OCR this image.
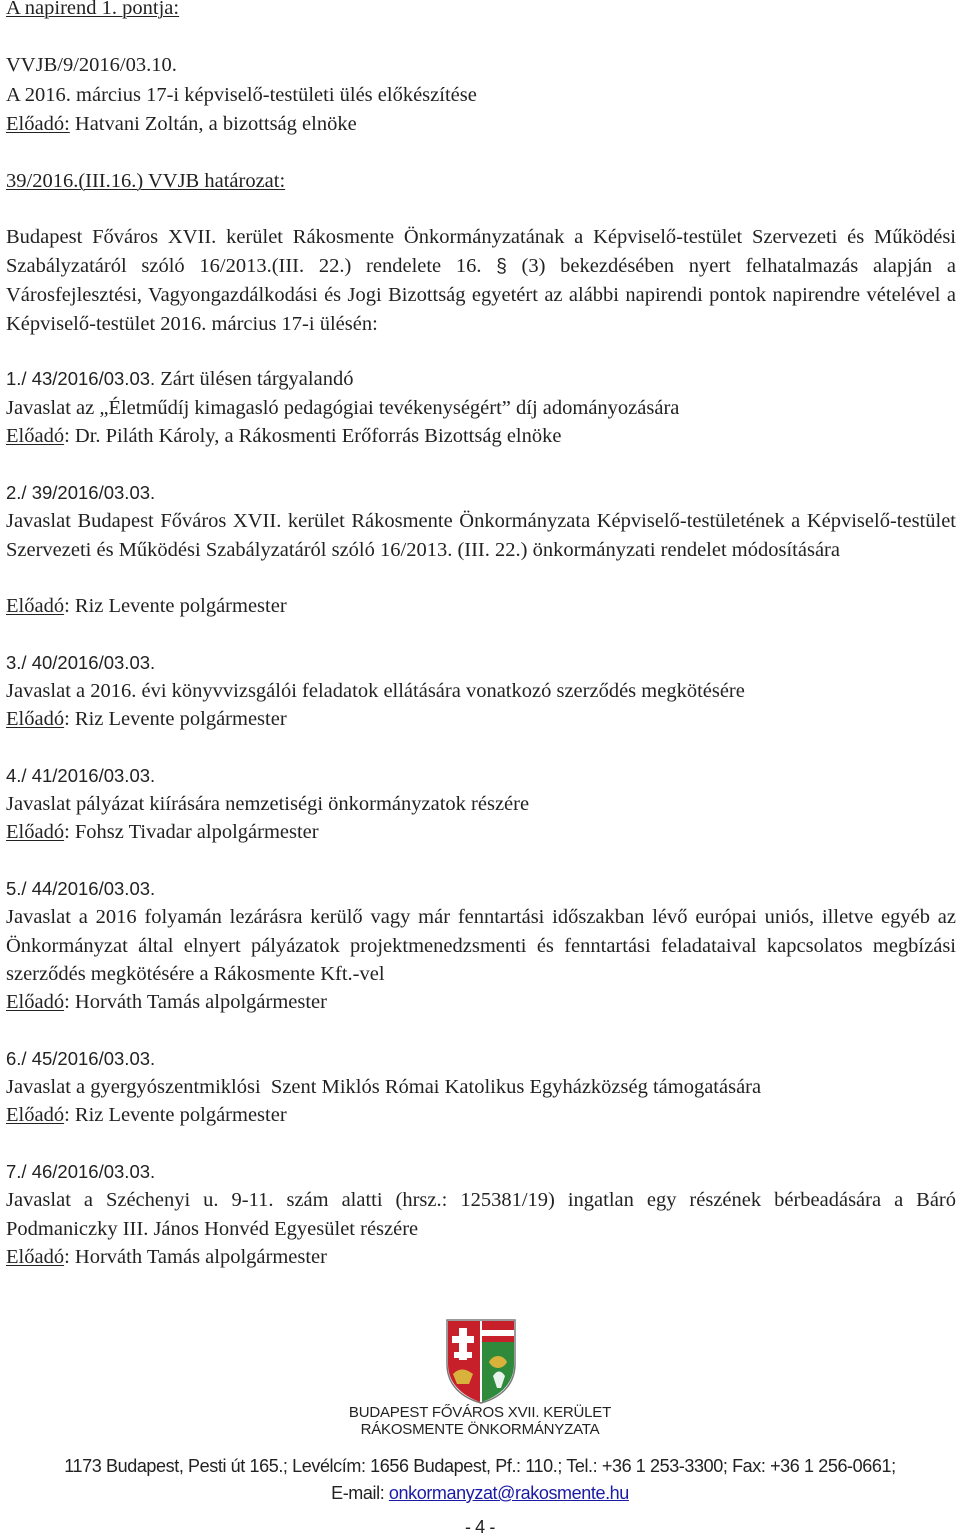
A napirend 1. pontja:
VVJB/9/2016/03.10.
A 2016. március 17-i képviselő-testületi ülés előkészítése
Előadó: Hatvani Zoltán, a bizottság elnöke
39/2016.(III.16.) VVJB határozat:
Budapest Főváros XVII. kerület Rákosmente Önkormányzatának a Képviselő-testület Szervezeti és Működési Szabályzatáról szóló 16/2013.(III. 22.) rendelete 16. § (3) bekezdésében nyert felhatalmazás alapján a Városfejlesztési, Vagyongazdálkodási és Jogi Bizottság egyetért az alábbi napirendi pontok napirendre vételével a Képviselő-testület 2016. március 17-i ülésén:
1./ 43/2016/03.03. Zárt ülésen tárgyalandó
Javaslat az „Életműdíj kimagasló pedagógiai tevékenységért” díj adományozására
Előadó: Dr. Piláth Károly, a Rákosmenti Erőforrás Bizottság elnöke
2./ 39/2016/03.03.
Javaslat Budapest Főváros XVII. kerület Rákosmente Önkormányzata Képviselő-testületének a Képviselő-testület Szervezeti és Működési Szabályzatáról szóló 16/2013. (III. 22.) önkormányzati rendelet módosítására
Előadó: Riz Levente polgármester
3./ 40/2016/03.03.
Javaslat a 2016. évi könyvvizsgálói feladatok ellátására vonatkozó szerződés megkötésére
Előadó: Riz Levente polgármester
4./ 41/2016/03.03.
Javaslat pályázat kiírására nemzetiségi önkormányzatok részére
Előadó: Fohsz Tivadar alpolgármester
5./ 44/2016/03.03.
Javaslat a 2016 folyamán lezárásra kerülő vagy már fenntartási időszakban lévő európai uniós, illetve egyéb az Önkormányzat által elnyert pályázatok projektmenedzsmenti és fenntartási feladataival kapcsolatos megbízási szerződés megkötésére a Rákosmente Kft.-vel
Előadó: Horváth Tamás alpolgármester
6./ 45/2016/03.03.
Javaslat a gyergyószentmiklósi  Szent Miklós Római Katolikus Egyházközség támogatására
Előadó: Riz Levente polgármester
7./ 46/2016/03.03.
Javaslat a Széchenyi u. 9-11. szám alatti (hrsz.: 125381/19) ingatlan egy részének bérbeadására a Báró Podmaniczky III. János Honvéd Egyesület részére
Előadó: Horváth Tamás alpolgármester
BUDAPEST FŐVÁROS XVII. KERÜLET
RÁKOSMENTE ÖNKORMÁNYZATA
1173 Budapest, Pesti út 165.; Levélcím: 1656 Budapest, Pf.: 110.; Tel.: +36 1 253-3300; Fax: +36 1 256-0661;
E-mail: onkormanyzat@rakosmente.hu
- 4 -
